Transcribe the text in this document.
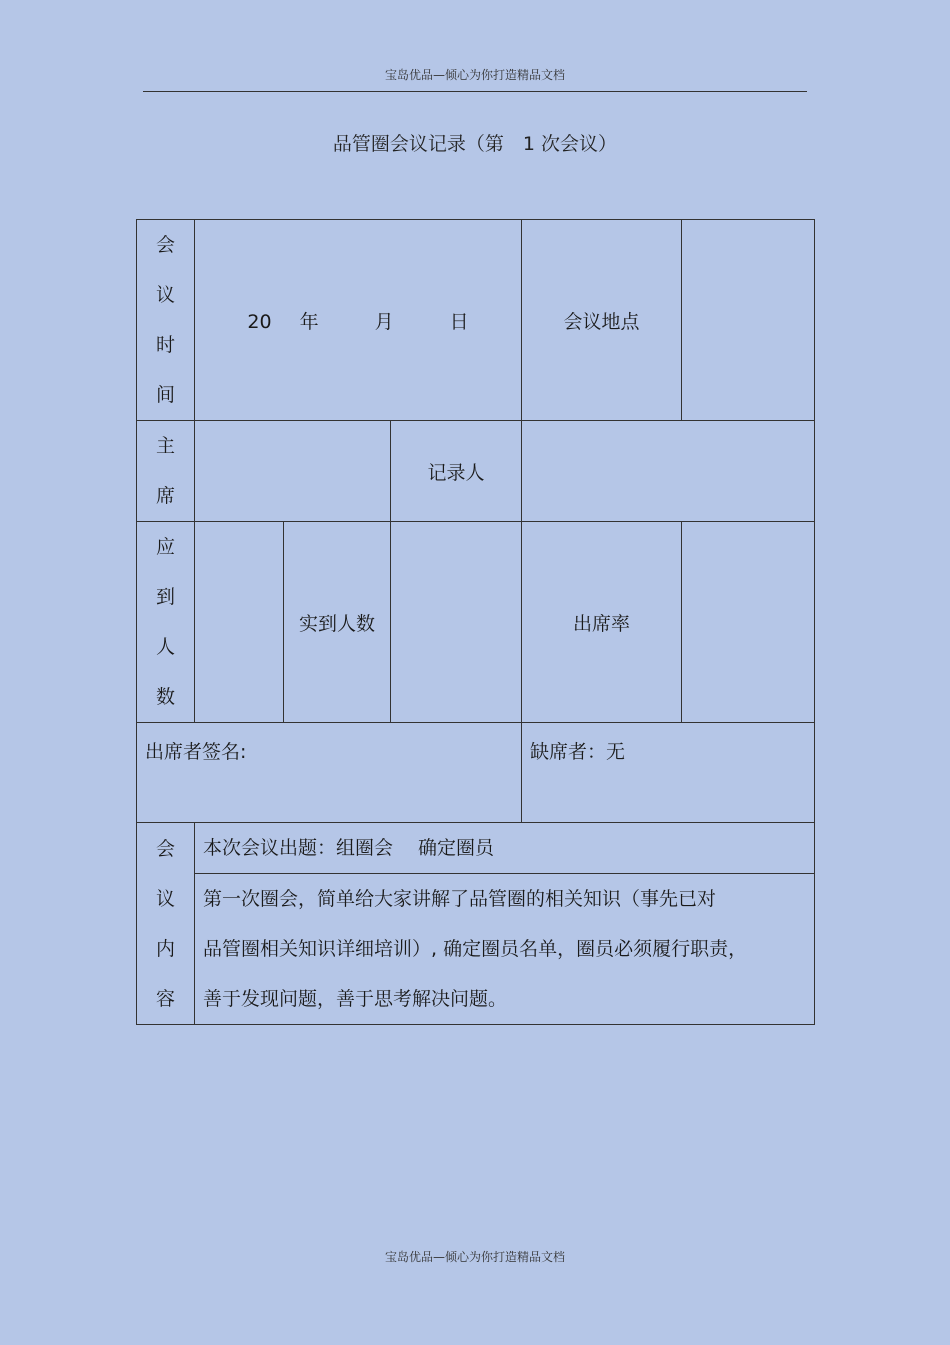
宝岛优品—倾心为你打造精品文档
品管圈会议记录（第　1 次会议）
会
议
时
间	20 年 月 日			会议地点	

主
席			记录人		

应
到
人
数		实到人数		出席率	
出席者签名:				缺席者：无	

会
议
内
容	本次会议出题：组圈会　 确定圈员				

	第一次圈会，简单给大家讲解了品管圈的相关知识（事先已对
品管圈相关知识详细培训）, 确定圈员名单，圈员必须履行职责，
善于发现问题，善于思考解决问题。				
宝岛优品—倾心为你打造精品文档
